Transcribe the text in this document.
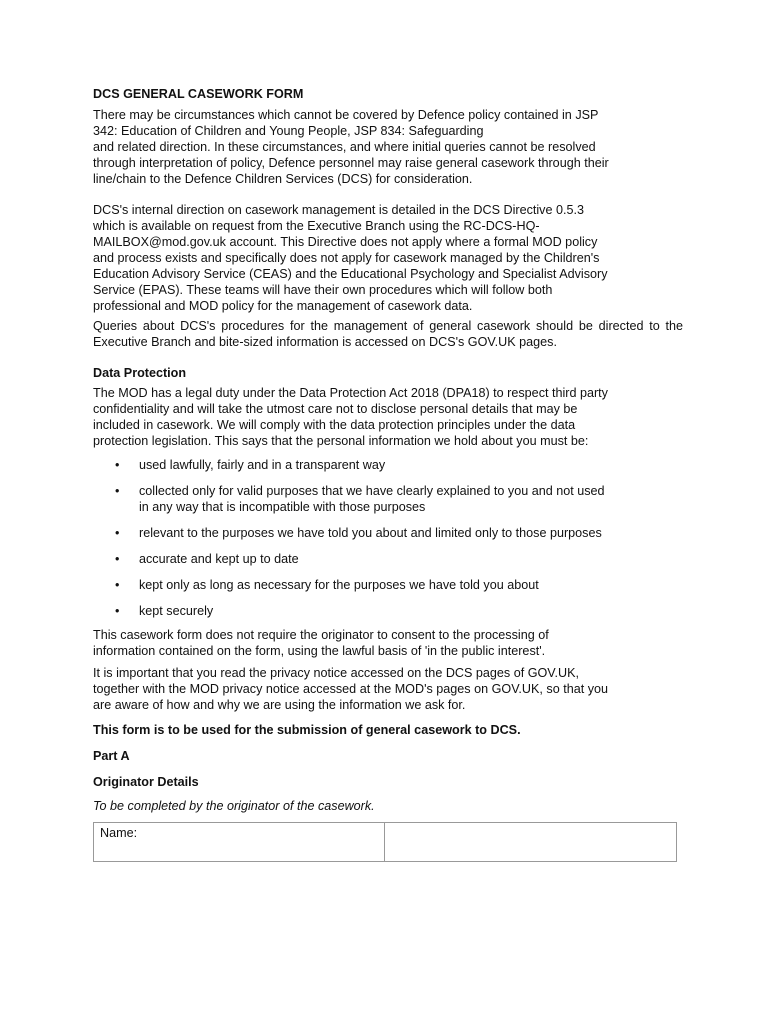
DCS GENERAL CASEWORK FORM

There may be circumstances which cannot be covered by Defence policy contained in JSP
342: Education of Children and Young People, JSP 834: Safeguarding
and related direction. In these circumstances, and where initial queries cannot be resolved
through interpretation of policy, Defence personnel may raise general casework through their
line/chain to the Defence Children Services (DCS) for consideration.
DCS's internal direction on casework management is detailed in the DCS Directive 0.5.3
which is available on request from the Executive Branch using the RC-DCS-HQ-
MAILBOX@mod.gov.uk account. This Directive does not apply where a formal MOD policy
and process exists and specifically does not apply for casework managed by the Children's
Education Advisory Service (CEAS) and the Educational Psychology and Specialist Advisory
Service (EPAS). These teams will have their own procedures which will follow both
professional and MOD policy for the management of casework data.

Queries about DCS's procedures for the management of general casework should be directed to the Executive Branch and bite-sized information is accessed on DCS's GOV.UK pages.

Data Protection

The MOD has a legal duty under the Data Protection Act 2018 (DPA18) to respect third party
confidentiality and will take the utmost care not to disclose personal details that may be
included in casework. We will comply with the data protection principles under the data
protection legislation. This says that the personal information we hold about you must be:
• used lawfully, fairly and in a transparent way
• collected only for valid purposes that we have clearly explained to you and not used
in any way that is incompatible with those purposes
• relevant to the purposes we have told you about and limited only to those purposes
• accurate and kept up to date
• kept only as long as necessary for the purposes we have told you about
• kept securely
This casework form does not require the originator to consent to the processing of
information contained on the form, using the lawful basis of 'in the public interest'.
It is important that you read the privacy notice accessed on the DCS pages of GOV.UK,
together with the MOD privacy notice accessed at the MOD's pages on GOV.UK, so that you
are aware of how and why we are using the information we ask for.

This form is to be used for the submission of general casework to DCS.

Part A

Originator Details

To be completed by the originator of the casework.

Name:	
